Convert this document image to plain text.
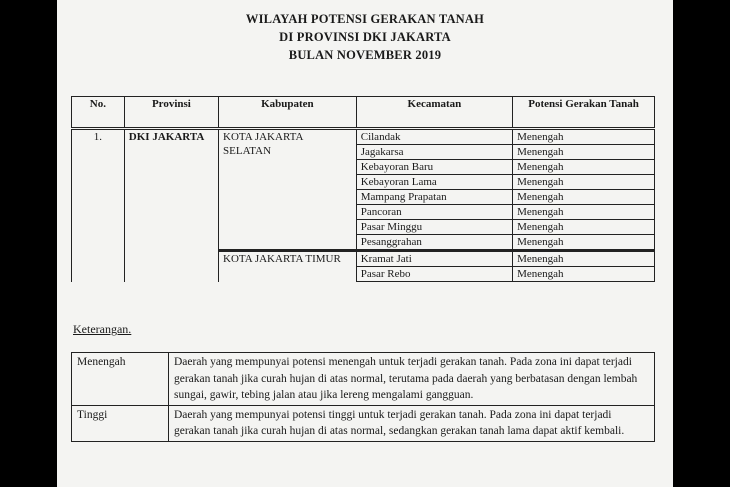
WILAYAH POTENSI GERAKAN TANAH
DI PROVINSI DKI JAKARTA
BULAN NOVEMBER 2019
No.	Provinsi	Kabupaten	Kecamatan	Potensi Gerakan Tanah
1.	DKI JAKARTA	KOTA JAKARTA SELATAN	Cilandak	Menengah
			Jagakarsa	Menengah
			Kebayoran Baru	Menengah
			Kebayoran Lama	Menengah
			Mampang Prapatan	Menengah
			Pancoran	Menengah
			Pasar Minggu	Menengah
			Pesanggrahan	Menengah
		KOTA JAKARTA TIMUR	Kramat Jati	Menengah
			Pasar Rebo	Menengah
Keterangan.
Menengah	Daerah yang mempunyai potensi menengah untuk terjadi gerakan tanah. Pada zona ini dapat terjadi gerakan tanah jika curah hujan di atas normal, terutama pada daerah yang berbatasan dengan lembah sungai, gawir, tebing jalan atau jika lereng mengalami gangguan.
Tinggi	Daerah yang mempunyai potensi tinggi untuk terjadi gerakan tanah. Pada zona ini dapat terjadi gerakan tanah jika curah hujan di atas normal, sedangkan gerakan tanah lama dapat aktif kembali.
